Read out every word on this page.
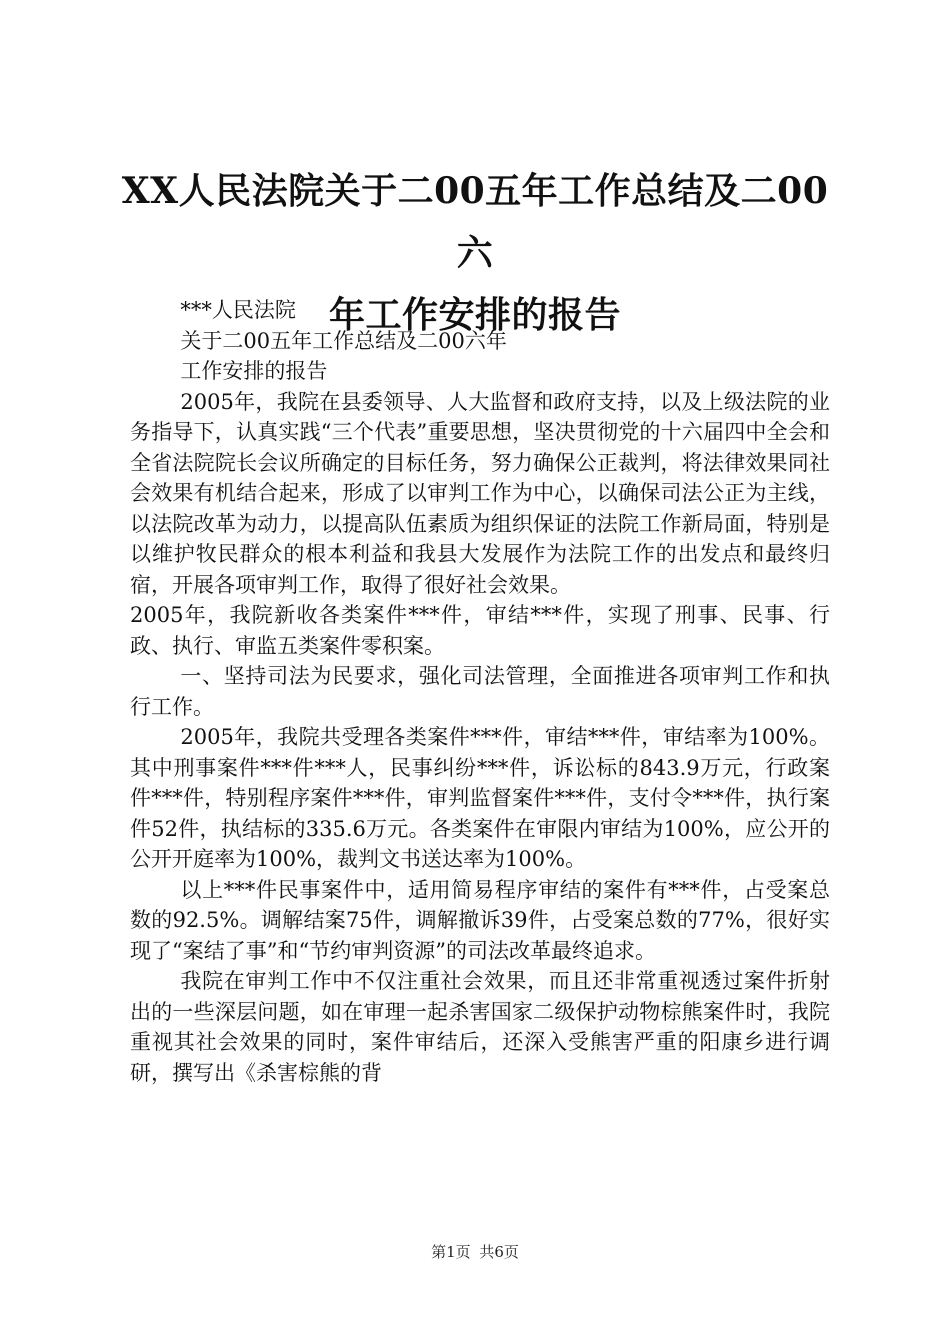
XX人民法院关于二00五年工作总结及二00六
年工作安排的报告

***人民法院

关于二00五年工作总结及二00六年

工作安排的报告

2005年，我院在县委领导、人大监督和政府支持，以及上级法院的业务指导下，认真实践“三个代表”重要思想，坚决贯彻党的十六届四中全会和全省法院院长会议所确定的目标任务，努力确保公正裁判，将法律效果同社会效果有机结合起来，形成了以审判工作为中心，以确保司法公正为主线，以法院改革为动力，以提高队伍素质为组织保证的法院工作新局面，特别是以维护牧民群众的根本利益和我县大发展作为法院工作的出发点和最终归宿，开展各项审判工作，取得了很好社会效果。

2005年，我院新收各类案件***件，审结***件，实现了刑事、民事、行政、执行、审监五类案件零积案。

一、坚持司法为民要求，强化司法管理，全面推进各项审判工作和执行工作。

2005年，我院共受理各类案件***件，审结***件，审结率为100%。其中刑事案件***件***人，民事纠纷***件，诉讼标的843.9万元，行政案件***件，特别程序案件***件，审判监督案件***件，支付令***件，执行案件52件，执结标的335.6万元。各类案件在审限内审结为100%，应公开的公开开庭率为100%，裁判文书送达率为100%。

以上***件民事案件中，适用简易程序审结的案件有***件，占受案总数的92.5%。调解结案75件，调解撤诉39件，占受案总数的77%，很好实现了“案结了事”和“节约审判资源”的司法改革最终追求。

我院在审判工作中不仅注重社会效果，而且还非常重视透过案件折射出的一些深层问题，如在审理一起杀害国家二级保护动物棕熊案件时，我院重视其社会效果的同时，案件审结后，还深入受熊害严重的阳康乡进行调研，撰写出《杀害棕熊的背

第1页 共6页
